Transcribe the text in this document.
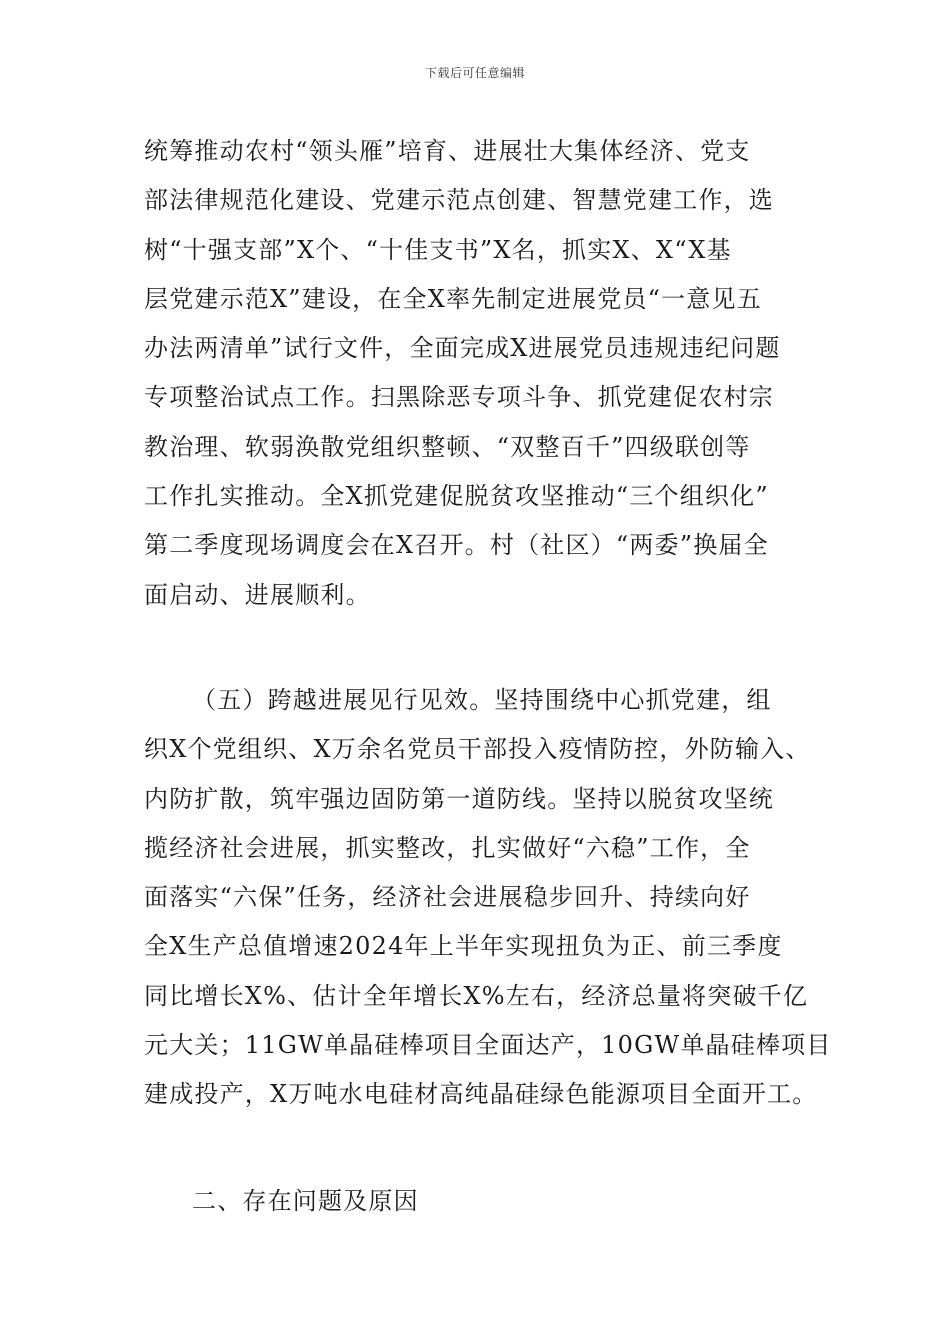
下载后可任意编辑
统筹推动农村“领头雁”培育、进展壮大集体经济、党支
部法律规范化建设、党建示范点创建、智慧党建工作，选
树“十强支部”X个、“十佳支书”X名，抓实X、X“X基
层党建示范X”建设，在全X率先制定进展党员“一意见五
办法两清单”试行文件，全面完成X进展党员违规违纪问题
专项整治试点工作。扫黑除恶专项斗争、抓党建促农村宗
教治理、软弱涣散党组织整顿、“双整百千”四级联创等
工作扎实推动。全X抓党建促脱贫攻坚推动“三个组织化”
第二季度现场调度会在X召开。村（社区）“两委”换届全
面启动、进展顺利。
（五）跨越进展见行见效。坚持围绕中心抓党建，组
织X个党组织、X万余名党员干部投入疫情防控，外防输入、
内防扩散，筑牢强边固防第一道防线。坚持以脱贫攻坚统
揽经济社会进展，抓实整改，扎实做好“六稳”工作，全
面落实“六保”任务，经济社会进展稳步回升、持续向好
全X生产总值增速2024年上半年实现扭负为正、前三季度
同比增长X%、估计全年增长X%左右，经济总量将突破千亿
元大关；11GW单晶硅棒项目全面达产，10GW单晶硅棒项目
建成投产，X万吨水电硅材高纯晶硅绿色能源项目全面开工。
二、存在问题及原因
